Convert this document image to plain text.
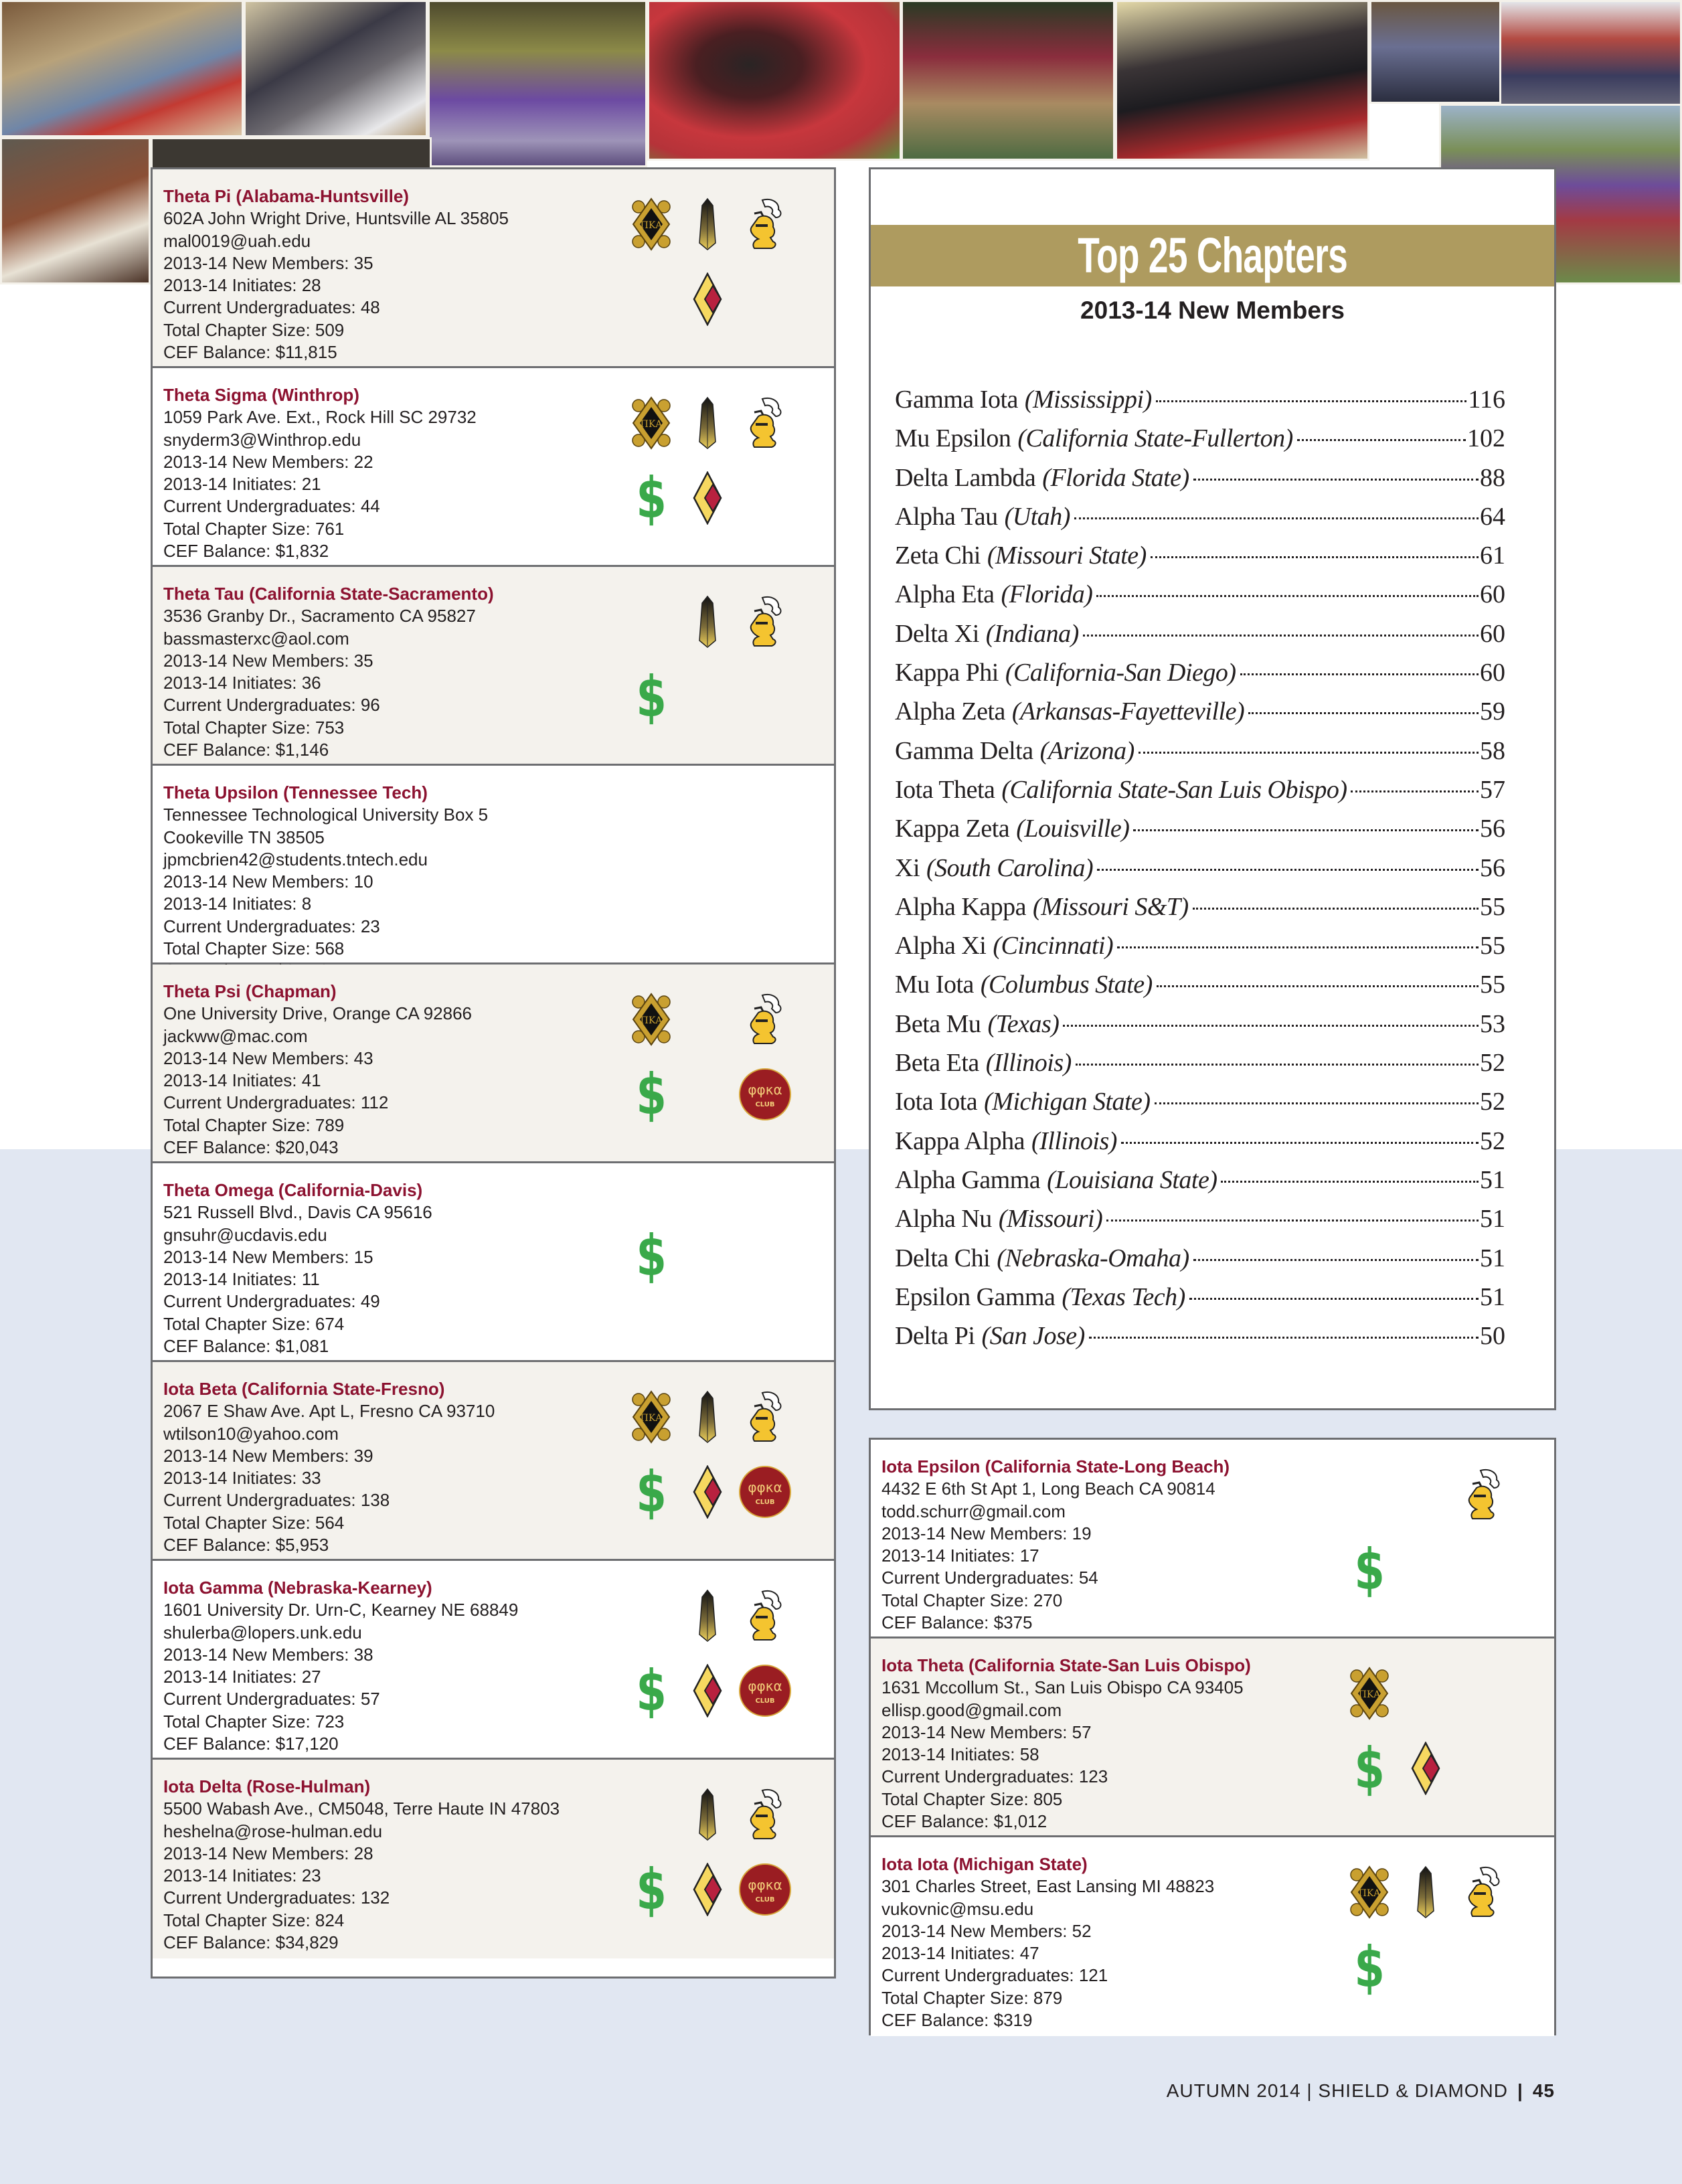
Theta Pi (Alabama-Huntsville)
602A John Wright Drive, Huntsville AL 35805
mal0019@uah.edu
2013-14 New Members: 35
2013-14 Initiates: 28
Current Undergraduates: 48
Total Chapter Size: 509
CEF Balance: $11,815
ΠΚΑ
Theta Sigma (Winthrop)
1059 Park Ave. Ext., Rock Hill SC 29732
snyderm3@Winthrop.edu
2013-14 New Members: 22
2013-14 Initiates: 21
Current Undergraduates: 44
Total Chapter Size: 761
CEF Balance: $1,832
ΠΚΑ
$
Theta Tau (California State-Sacramento)
3536 Granby Dr., Sacramento CA 95827
bassmasterxc@aol.com
2013-14 New Members: 35
2013-14 Initiates: 36
Current Undergraduates: 96
Total Chapter Size: 753
CEF Balance: $1,146
$
Theta Upsilon (Tennessee Tech)
Tennessee Technological University Box 5
Cookeville TN 38505
jpmcbrien42@students.tntech.edu
2013-14 New Members: 10
2013-14 Initiates: 8
Current Undergraduates: 23
Total Chapter Size: 568
Theta Psi (Chapman)
One University Drive, Orange CA 92866
jackww@mac.com
2013-14 New Members: 43
2013-14 Initiates: 41
Current Undergraduates: 112
Total Chapter Size: 789
CEF Balance: $20,043
ΠΚΑ
$	φφκα
CLUB
Theta Omega (California-Davis)
521 Russell Blvd., Davis CA 95616
gnsuhr@ucdavis.edu
2013-14 New Members: 15
2013-14 Initiates: 11
Current Undergraduates: 49
Total Chapter Size: 674
CEF Balance: $1,081
$
Iota Beta (California State-Fresno)
2067 E Shaw Ave. Apt L, Fresno CA 93710
wtilson10@yahoo.com
2013-14 New Members: 39
2013-14 Initiates: 33
Current Undergraduates: 138
Total Chapter Size: 564
CEF Balance: $5,953
ΠΚΑ
$	φφκα
CLUB
Iota Gamma (Nebraska-Kearney)
1601 University Dr. Urn-C, Kearney NE 68849
shulerba@lopers.unk.edu
2013-14 New Members: 38
2013-14 Initiates: 27
Current Undergraduates: 57
Total Chapter Size: 723
CEF Balance: $17,120
$	φφκα
CLUB
Iota Delta (Rose-Hulman)
5500 Wabash Ave., CM5048, Terre Haute IN 47803
heshelna@rose-hulman.edu
2013-14 New Members: 28
2013-14 Initiates: 23
Current Undergraduates: 132
Total Chapter Size: 824
CEF Balance: $34,829
$	φφκα
CLUB
Top 25 Chapters
2013-14 New Members
Gamma Iota (Mississippi)	116
Mu Epsilon (California State-Fullerton)	102
Delta Lambda (Florida State)	88
Alpha Tau (Utah)	64
Zeta Chi (Missouri State)	61
Alpha Eta (Florida)	60
Delta Xi (Indiana)	60
Kappa Phi (California-San Diego)	60
Alpha Zeta (Arkansas-Fayetteville)	59
Gamma Delta (Arizona)	58
Iota Theta (California State-San Luis Obispo)	57
Kappa Zeta (Louisville)	56
Xi (South Carolina)	56
Alpha Kappa (Missouri S&T)	55
Alpha Xi (Cincinnati)	55
Mu Iota (Columbus State)	55
Beta Mu (Texas)	53
Beta Eta (Illinois)	52
Iota Iota (Michigan State)	52
Kappa Alpha (Illinois)	52
Alpha Gamma (Louisiana State)	51
Alpha Nu (Missouri)	51
Delta Chi (Nebraska-Omaha)	51
Epsilon Gamma (Texas Tech)	51
Delta Pi (San Jose)	50
Iota Epsilon (California State-Long Beach)
4432 E 6th St Apt 1, Long Beach CA 90814
todd.schurr@gmail.com
2013-14 New Members: 19
2013-14 Initiates: 17
Current Undergraduates: 54
Total Chapter Size: 270
CEF Balance: $375
$
Iota Theta (California State-San Luis Obispo)
1631 Mccollum St., San Luis Obispo CA 93405
ellisp.good@gmail.com
2013-14 New Members: 57
2013-14 Initiates: 58
Current Undergraduates: 123
Total Chapter Size: 805
CEF Balance: $1,012
ΠΚΑ
$
Iota Iota (Michigan State)
301 Charles Street, East Lansing MI 48823
vukovnic@msu.edu
2013-14 New Members: 52
2013-14 Initiates: 47
Current Undergraduates: 121
Total Chapter Size: 879
CEF Balance: $319
ΠΚΑ
$
AUTUMN 2014 | SHIELD & DIAMOND | 45
